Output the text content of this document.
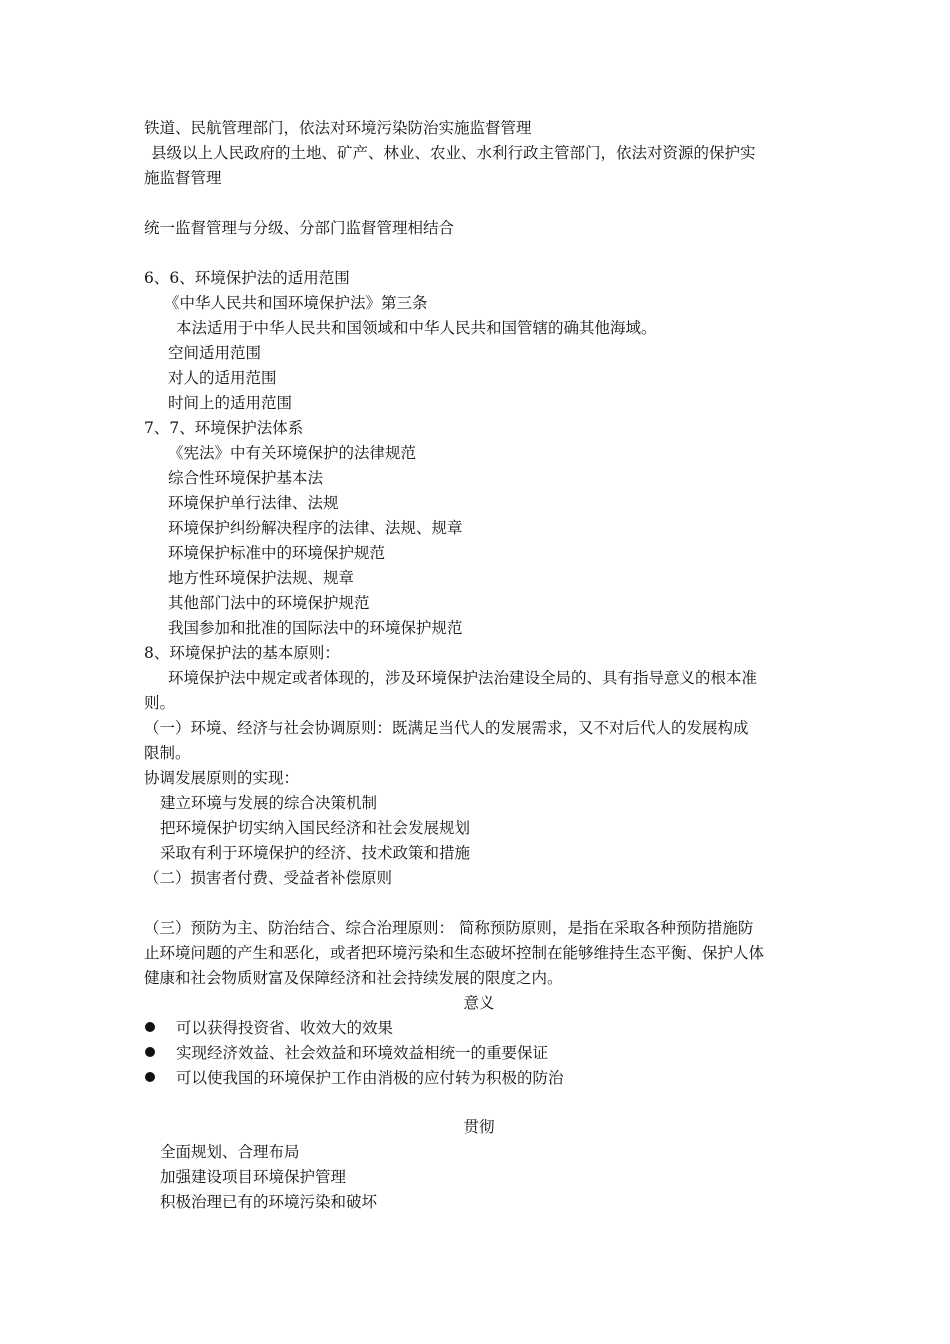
铁道、民航管理部门，依法对环境污染防治实施监督管理
县级以上人民政府的土地、矿产、林业、农业、水利行政主管部门，依法对资源的保护实
施监督管理
统一监督管理与分级、分部门监督管理相结合
6、6、环境保护法的适用范围
《中华人民共和国环境保护法》第三条
本法适用于中华人民共和国领域和中华人民共和国管辖的确其他海域。
空间适用范围
对人的适用范围
时间上的适用范围
7、7、环境保护法体系
《宪法》中有关环境保护的法律规范
综合性环境保护基本法
环境保护单行法律、法规
环境保护纠纷解决程序的法律、法规、规章
环境保护标准中的环境保护规范
地方性环境保护法规、规章
其他部门法中的环境保护规范
我国参加和批准的国际法中的环境保护规范
8、环境保护法的基本原则：
环境保护法中规定或者体现的，涉及环境保护法治建设全局的、具有指导意义的根本准
则。
（一）环境、经济与社会协调原则：既满足当代人的发展需求，又不对后代人的发展构成
限制。
协调发展原则的实现：
建立环境与发展的综合决策机制
把环境保护切实纳入国民经济和社会发展规划
采取有利于环境保护的经济、技术政策和措施
（二）损害者付费、受益者补偿原则
（三）预防为主、防治结合、综合治理原则： 简称预防原则，是指在采取各种预防措施防
止环境问题的产生和恶化，或者把环境污染和生态破坏控制在能够维持生态平衡、保护人体
健康和社会物质财富及保障经济和社会持续发展的限度之内。
意义
可以获得投资省、收效大的效果
实现经济效益、社会效益和环境效益相统一的重要保证
可以使我国的环境保护工作由消极的应付转为积极的防治
贯彻
全面规划、合理布局
加强建设项目环境保护管理
积极治理已有的环境污染和破坏
